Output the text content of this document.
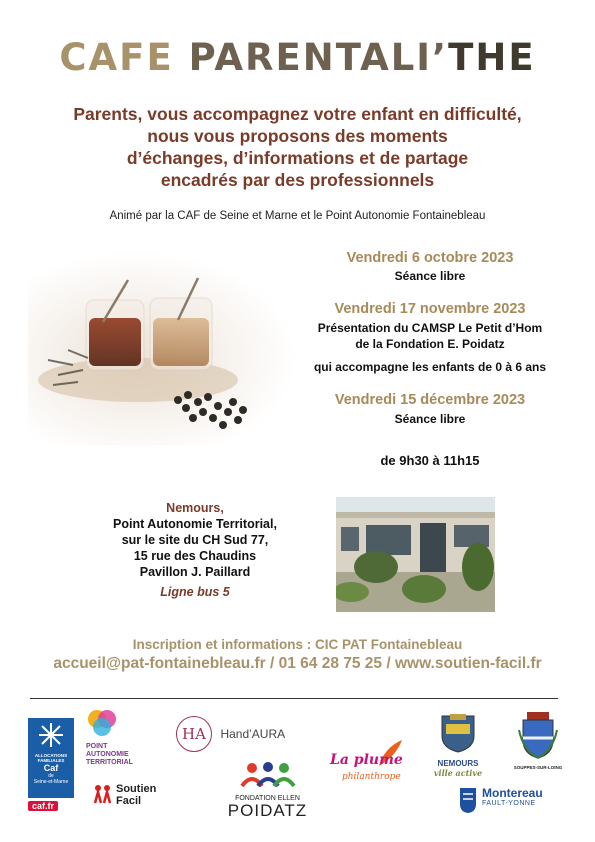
CAFE PARENTALI’THE
Parents, vous accompagnez votre enfant en difficulté,
nous vous proposons des moments
d’échanges, d’informations et de partage
encadrés par des professionnels
Animé par la CAF de Seine et Marne et le Point Autonomie Fontainebleau
Vendredi 6 octobre 2023
Séance libre
Vendredi 17 novembre 2023
Présentation du CAMSP Le Petit d’Hom
de la Fondation E. Poidatz
qui accompagne les enfants de 0 à 6 ans
Vendredi 15 décembre 2023
Séance libre
de 9h30 à 11h15
Nemours,
Point Autonomie Territorial,
sur le site du CH Sud 77,
15 rue des Chaudins
Pavillon J. Paillard
Ligne bus 5
Inscription et informations : CIC PAT Fontainebleau
accueil@pat-fontainebleau.fr / 01 64 28 75 25 / www.soutien-facil.fr
ALLOCATIONS
FAMILIALES
Caf
de
Seine-et-Marne
caf.fr
POINT
AUTONOMIE
TERRITORIAL
Soutien
Facil
HA Hand’AURA
FONDATION ELLEN
POIDATZ
La plume
philanthrope
NEMOURS
ville active
SOUPPES-SUR-LOING
Montereau
FAULT-YONNE
